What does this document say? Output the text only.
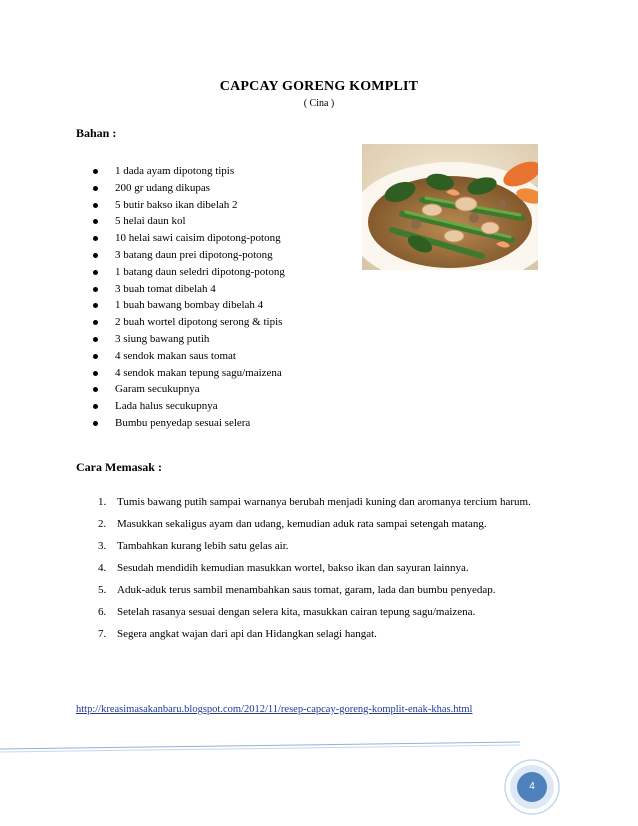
CAPCAY GORENG KOMPLIT
( Cina )
Bahan :
1 dada ayam dipotong tipis
200 gr udang dikupas
5 butir bakso ikan dibelah 2
5 helai daun kol
10 helai sawi caisim dipotong-potong
3 batang daun prei dipotong-potong
1 batang daun seledri dipotong-potong
3 buah tomat dibelah 4
1 buah bawang bombay dibelah 4
2 buah wortel dipotong serong & tipis
3 siung bawang putih
4 sendok makan saus tomat
4 sendok makan tepung sagu/maizena
Garam secukupnya
Lada halus secukupnya
Bumbu penyedap sesuai selera
Cara Memasak :
1. Tumis bawang putih sampai warnanya berubah menjadi kuning dan aromanya tercium harum.
2. Masukkan sekaligus ayam dan udang, kemudian aduk rata sampai setengah matang.
3. Tambahkan kurang lebih satu gelas air.
4. Sesudah mendidih kemudian masukkan wortel, bakso ikan dan sayuran lainnya.
5. Aduk-aduk terus sambil menambahkan saus tomat, garam, lada dan bumbu penyedap.
6. Setelah rasanya sesuai dengan selera kita, masukkan cairan tepung sagu/maizena.
7. Segera angkat wajan dari api dan Hidangkan selagi hangat.
http://kreasimasakanbaru.blogspot.com/2012/11/resep-capcay-goreng-komplit-enak-khas.html
4
